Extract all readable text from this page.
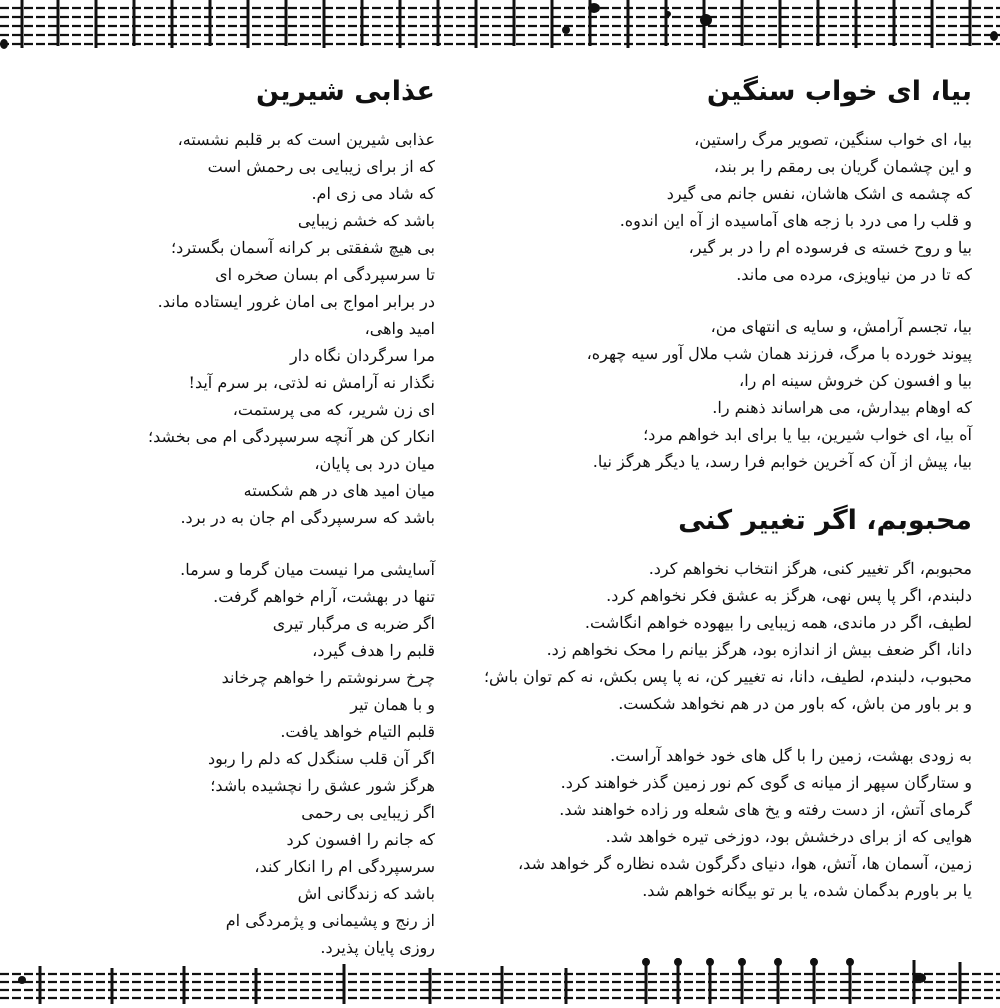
عذابی شیرین
عذابی شیرین است که بر قلبم نشسته،
که از برای زیبایی بی رحمش است
که شاد می زی ام.
باشد که خشم زیبایی
بی هیچ شفقتی بر کرانه آسمان بگسترد؛
تا سرسپردگی ام بسان صخره ای
در برابر امواج بی امان غرور ایستاده ماند.
امید واهی،
مرا سرگردان نگاه دار
نگذار نه آرامش نه لذتی، بر سرم آید!
ای زن شریر، که می پرستمت،
انکار کن هر آنچه سرسپردگی ام می بخشد؛
میان درد بی پایان،
میان امید های در هم شکسته
باشد که سرسپردگی ام جان به در برد.
آسایشی مرا نیست میان گرما و سرما.
تنها در بهشت، آرام خواهم گرفت.
اگر ضربه ی مرگبار تیری
قلبم را هدف گیرد،
چرخ سرنوشتم را خواهم چرخاند
و با همان تیر
قلبم التیام خواهد یافت.
اگر آن قلب سنگدل که دلم را ربود
هرگز شور عشق را نچشیده باشد؛
اگر زیبایی بی رحمی
که جانم را افسون کرد
سرسپردگی ام را انکار کند،
باشد که زندگانی اش
از رنج و پشیمانی و پژمردگی ام
روزی پایان پذیرد.
بیا، ای خواب سنگین
بیا، ای خواب سنگین، تصویر مرگ راستین،
و این چشمان گریان بی رمقم را بر بند،
که چشمه ی اشک هاشان، نفس جانم می گیرد
و قلب را می درد با زجه های آماسیده از آه این اندوه.
بیا و روح خسته ی فرسوده ام را در بر گیر،
که تا در من نیاویزی، مرده می ماند.
بیا، تجسم آرامش، و سایه ی انتهای من،
پیوند خورده با مرگ، فرزند همان شب ملال آور سیه چهره،
بیا و افسون کن خروش سینه ام را،
که اوهام بیدارش، می هراساند ذهنم را.
آه بیا، ای خواب شیرین، بیا یا برای ابد خواهم مرد؛
بیا، پیش از آن که آخرین خوابم فرا رسد، یا دیگر هرگز نیا.
محبوبم، اگر تغییر کنی
محبوبم، اگر تغییر کنی، هرگز انتخاب نخواهم کرد.
دلبندم، اگر پا پس نهی، هرگز به عشق فکر نخواهم کرد.
لطیف، اگر در ماندی، همه زیبایی را بیهوده خواهم انگاشت.
دانا، اگر ضعف بیش از اندازه بود، هرگز بیانم را محک نخواهم زد.
محبوب، دلبندم، لطیف، دانا، نه تغییر کن، نه پا پس بکش، نه کم توان باش؛
و بر باور من باش، که باور من در هم نخواهد شکست.
به زودی بهشت، زمین را با گل های خود خواهد آراست.
و ستارگان سپهر از میانه ی گوی کم نور زمین گذر خواهند کرد.
گرمای آتش، از دست رفته و یخ های شعله ور زاده خواهند شد.
هوایی که از برای درخشش بود، دوزخی تیره خواهد شد.
زمین، آسمان ها، آتش، هوا، دنیای دگرگون شده نظاره گر خواهد شد،
یا بر باورم بدگمان شده، یا بر تو بیگانه خواهم شد.
